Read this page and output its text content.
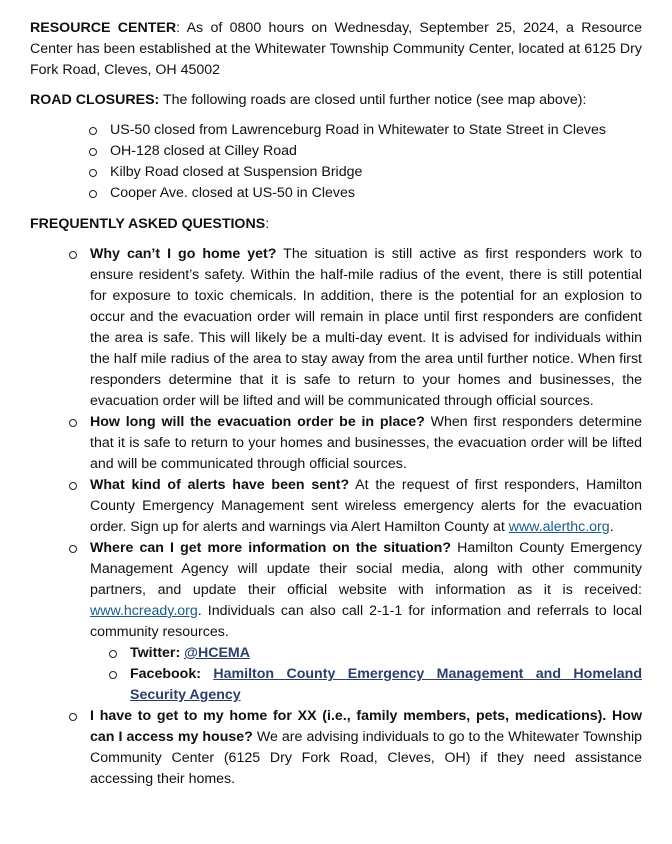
RESOURCE CENTER: As of 0800 hours on Wednesday, September 25, 2024, a Resource Center has been established at the Whitewater Township Community Center, located at 6125 Dry Fork Road, Cleves, OH 45002

ROAD CLOSURES: The following roads are closed until further notice (see map above):

US-50 closed from Lawrenceburg Road in Whitewater to State Street in Cleves
OH-128 closed at Cilley Road
Kilby Road closed at Suspension Bridge
Cooper Ave. closed at US-50 in Cleves

FREQUENTLY ASKED QUESTIONS:

Why can’t I go home yet? The situation is still active as first responders work to ensure resident’s safety. Within the half-mile radius of the event, there is still potential for exposure to toxic chemicals. In addition, there is the potential for an explosion to occur and the evacuation order will remain in place until first responders are confident the area is safe. This will likely be a multi-day event. It is advised for individuals within the half mile radius of the area to stay away from the area until further notice. When first responders determine that it is safe to return to your homes and businesses, the evacuation order will be lifted and will be communicated through official sources.
How long will the evacuation order be in place? When first responders determine that it is safe to return to your homes and businesses, the evacuation order will be lifted and will be communicated through official sources.
What kind of alerts have been sent? At the request of first responders, Hamilton County Emergency Management sent wireless emergency alerts for the evacuation order. Sign up for alerts and warnings via Alert Hamilton County at www.alerthc.org.
Where can I get more information on the situation? Hamilton County Emergency Management Agency will update their social media, along with other community partners, and update their official website with information as it is received: www.hcready.org. Individuals can also call 2-1-1 for information and referrals to local community resources.
Twitter: @HCEMA
Facebook: Hamilton County Emergency Management and Homeland Security Agency
I have to get to my home for XX (i.e., family members, pets, medications). How can I access my house? We are advising individuals to go to the Whitewater Township Community Center (6125 Dry Fork Road, Cleves, OH) if they need assistance accessing their homes.
